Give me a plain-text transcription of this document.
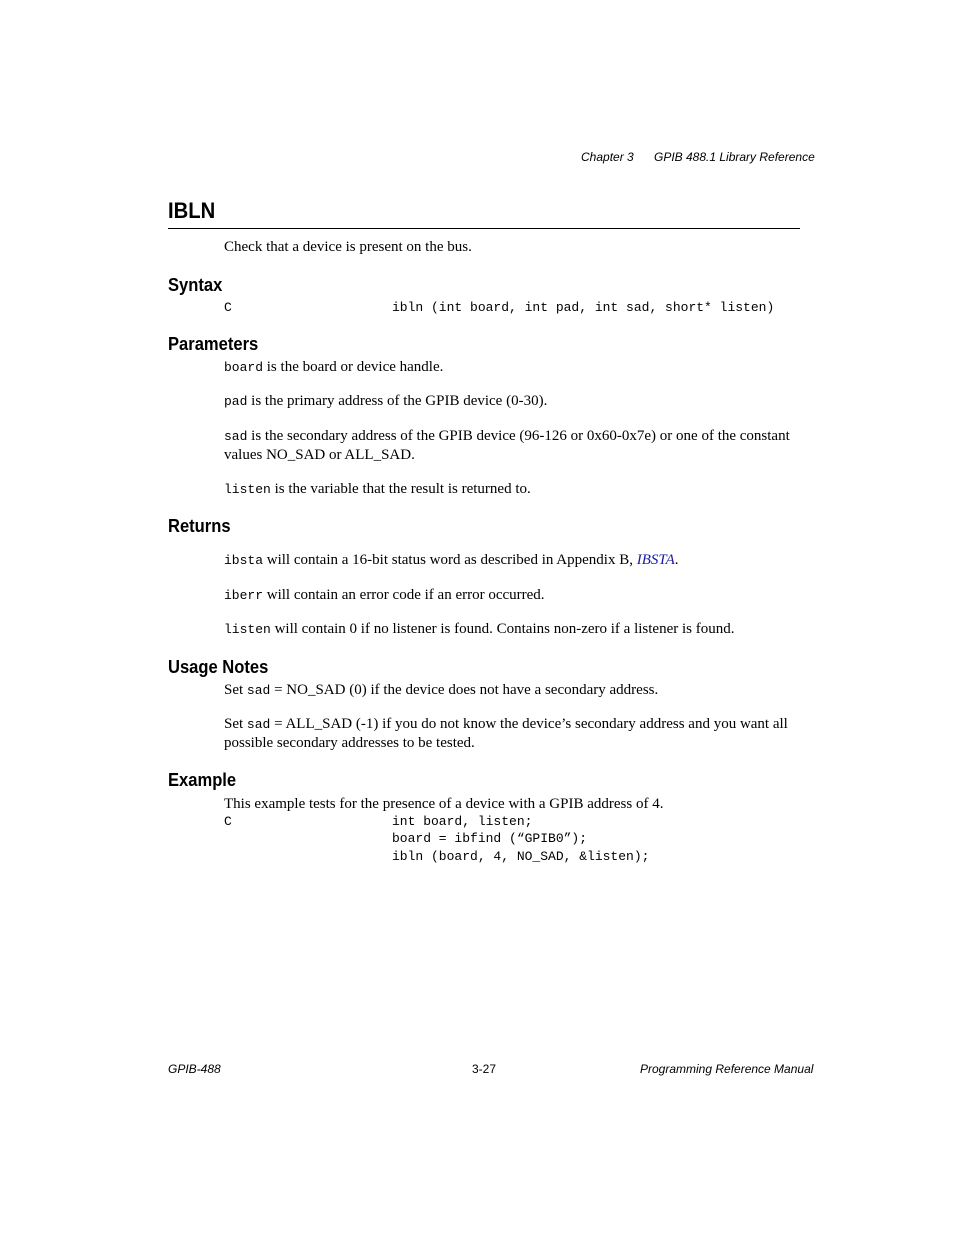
Chapter 3 GPIB 488.1 Library Reference
IBLN
Check that a device is present on the bus.
Syntax
C	ibln (int board, int pad, int sad, short* listen)
Parameters
board is the board or device handle.
pad is the primary address of the GPIB device (0-30).
sad is the secondary address of the GPIB device (96-126 or 0x60-0x7e) or one of the constant values NO_SAD or ALL_SAD.
listen is the variable that the result is returned to.
Returns
ibsta will contain a 16-bit status word as described in Appendix B, IBSTA.
iberr will contain an error code if an error occurred.
listen will contain 0 if no listener is found. Contains non-zero if a listener is found.
Usage Notes
Set sad = NO_SAD (0) if the device does not have a secondary address.
Set sad = ALL_SAD (-1) if you do not know the device’s secondary address and you want all possible secondary addresses to be tested.
Example
This example tests for the presence of a device with a GPIB address of 4.
C	int board, listen;
board = ibfind (“GPIB0”);
ibln (board, 4, NO_SAD, &listen);
GPIB-488	3-27	Programming Reference Manual
